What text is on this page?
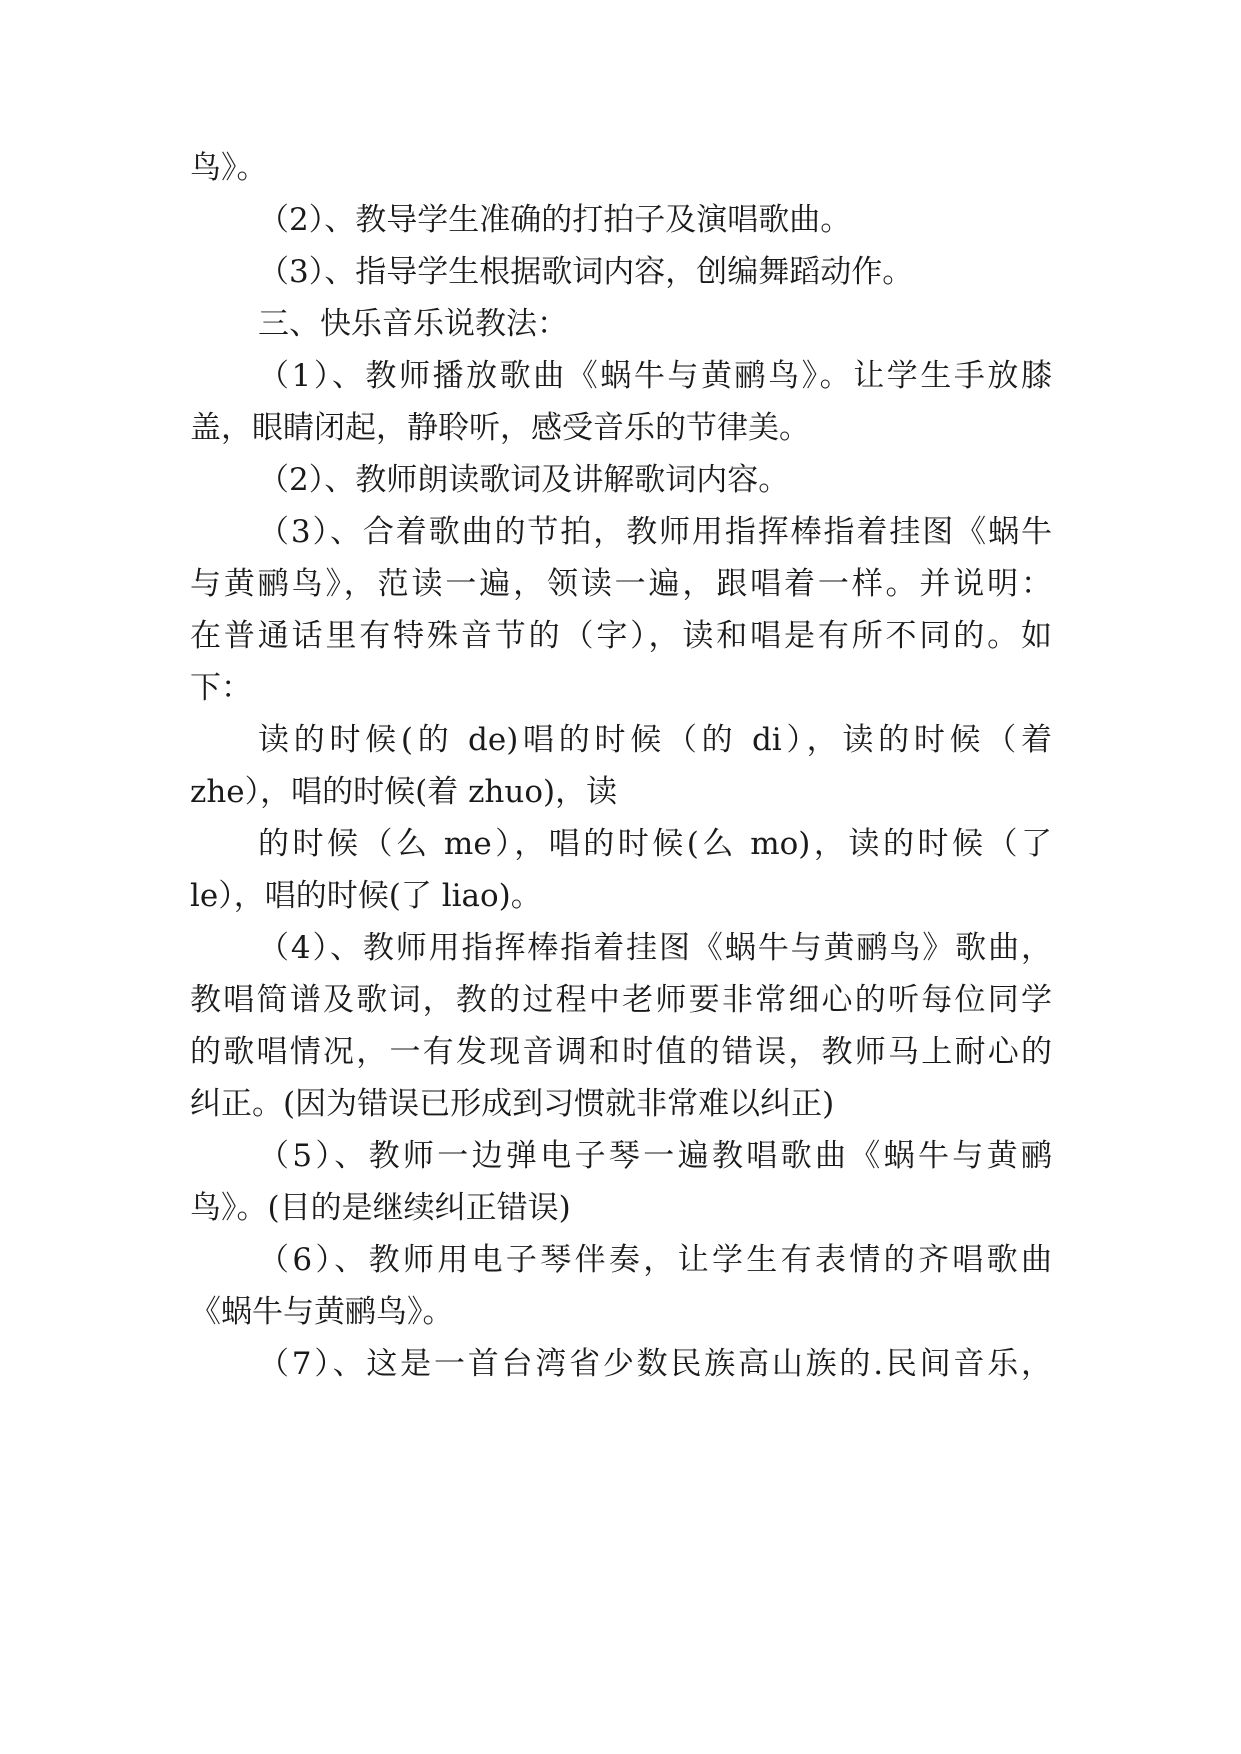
鸟》。
（2）、教导学生准确的打拍子及演唱歌曲。
（3）、指导学生根据歌词内容，创编舞蹈动作。
三、快乐音乐说教法：
（1）、教师播放歌曲《蜗牛与黄鹂鸟》。让学生手放膝
盖，眼睛闭起，静聆听，感受音乐的节律美。
（2）、教师朗读歌词及讲解歌词内容。
（3）、合着歌曲的节拍，教师用指挥棒指着挂图《蜗牛
与黄鹂鸟》，范读一遍，领读一遍，跟唱着一样。并说明：
在普通话里有特殊音节的（字），读和唱是有所不同的。如
下：
读的时候(的 de)唱的时候（的 di），读的时候（着
zhe），唱的时候(着 zhuo)，读
的时候（么 me），唱的时候(么 mo)，读的时候（了
le），唱的时候(了 liao)。
（4）、教师用指挥棒指着挂图《蜗牛与黄鹂鸟》歌曲，
教唱简谱及歌词，教的过程中老师要非常细心的听每位同学
的歌唱情况，一有发现音调和时值的错误，教师马上耐心的
纠正。(因为错误已形成到习惯就非常难以纠正)
（5）、教师一边弹电子琴一遍教唱歌曲《蜗牛与黄鹂
鸟》。(目的是继续纠正错误)
（6）、教师用电子琴伴奏，让学生有表情的齐唱歌曲
《蜗牛与黄鹂鸟》。
（7）、这是一首台湾省少数民族高山族的.民间音乐，
